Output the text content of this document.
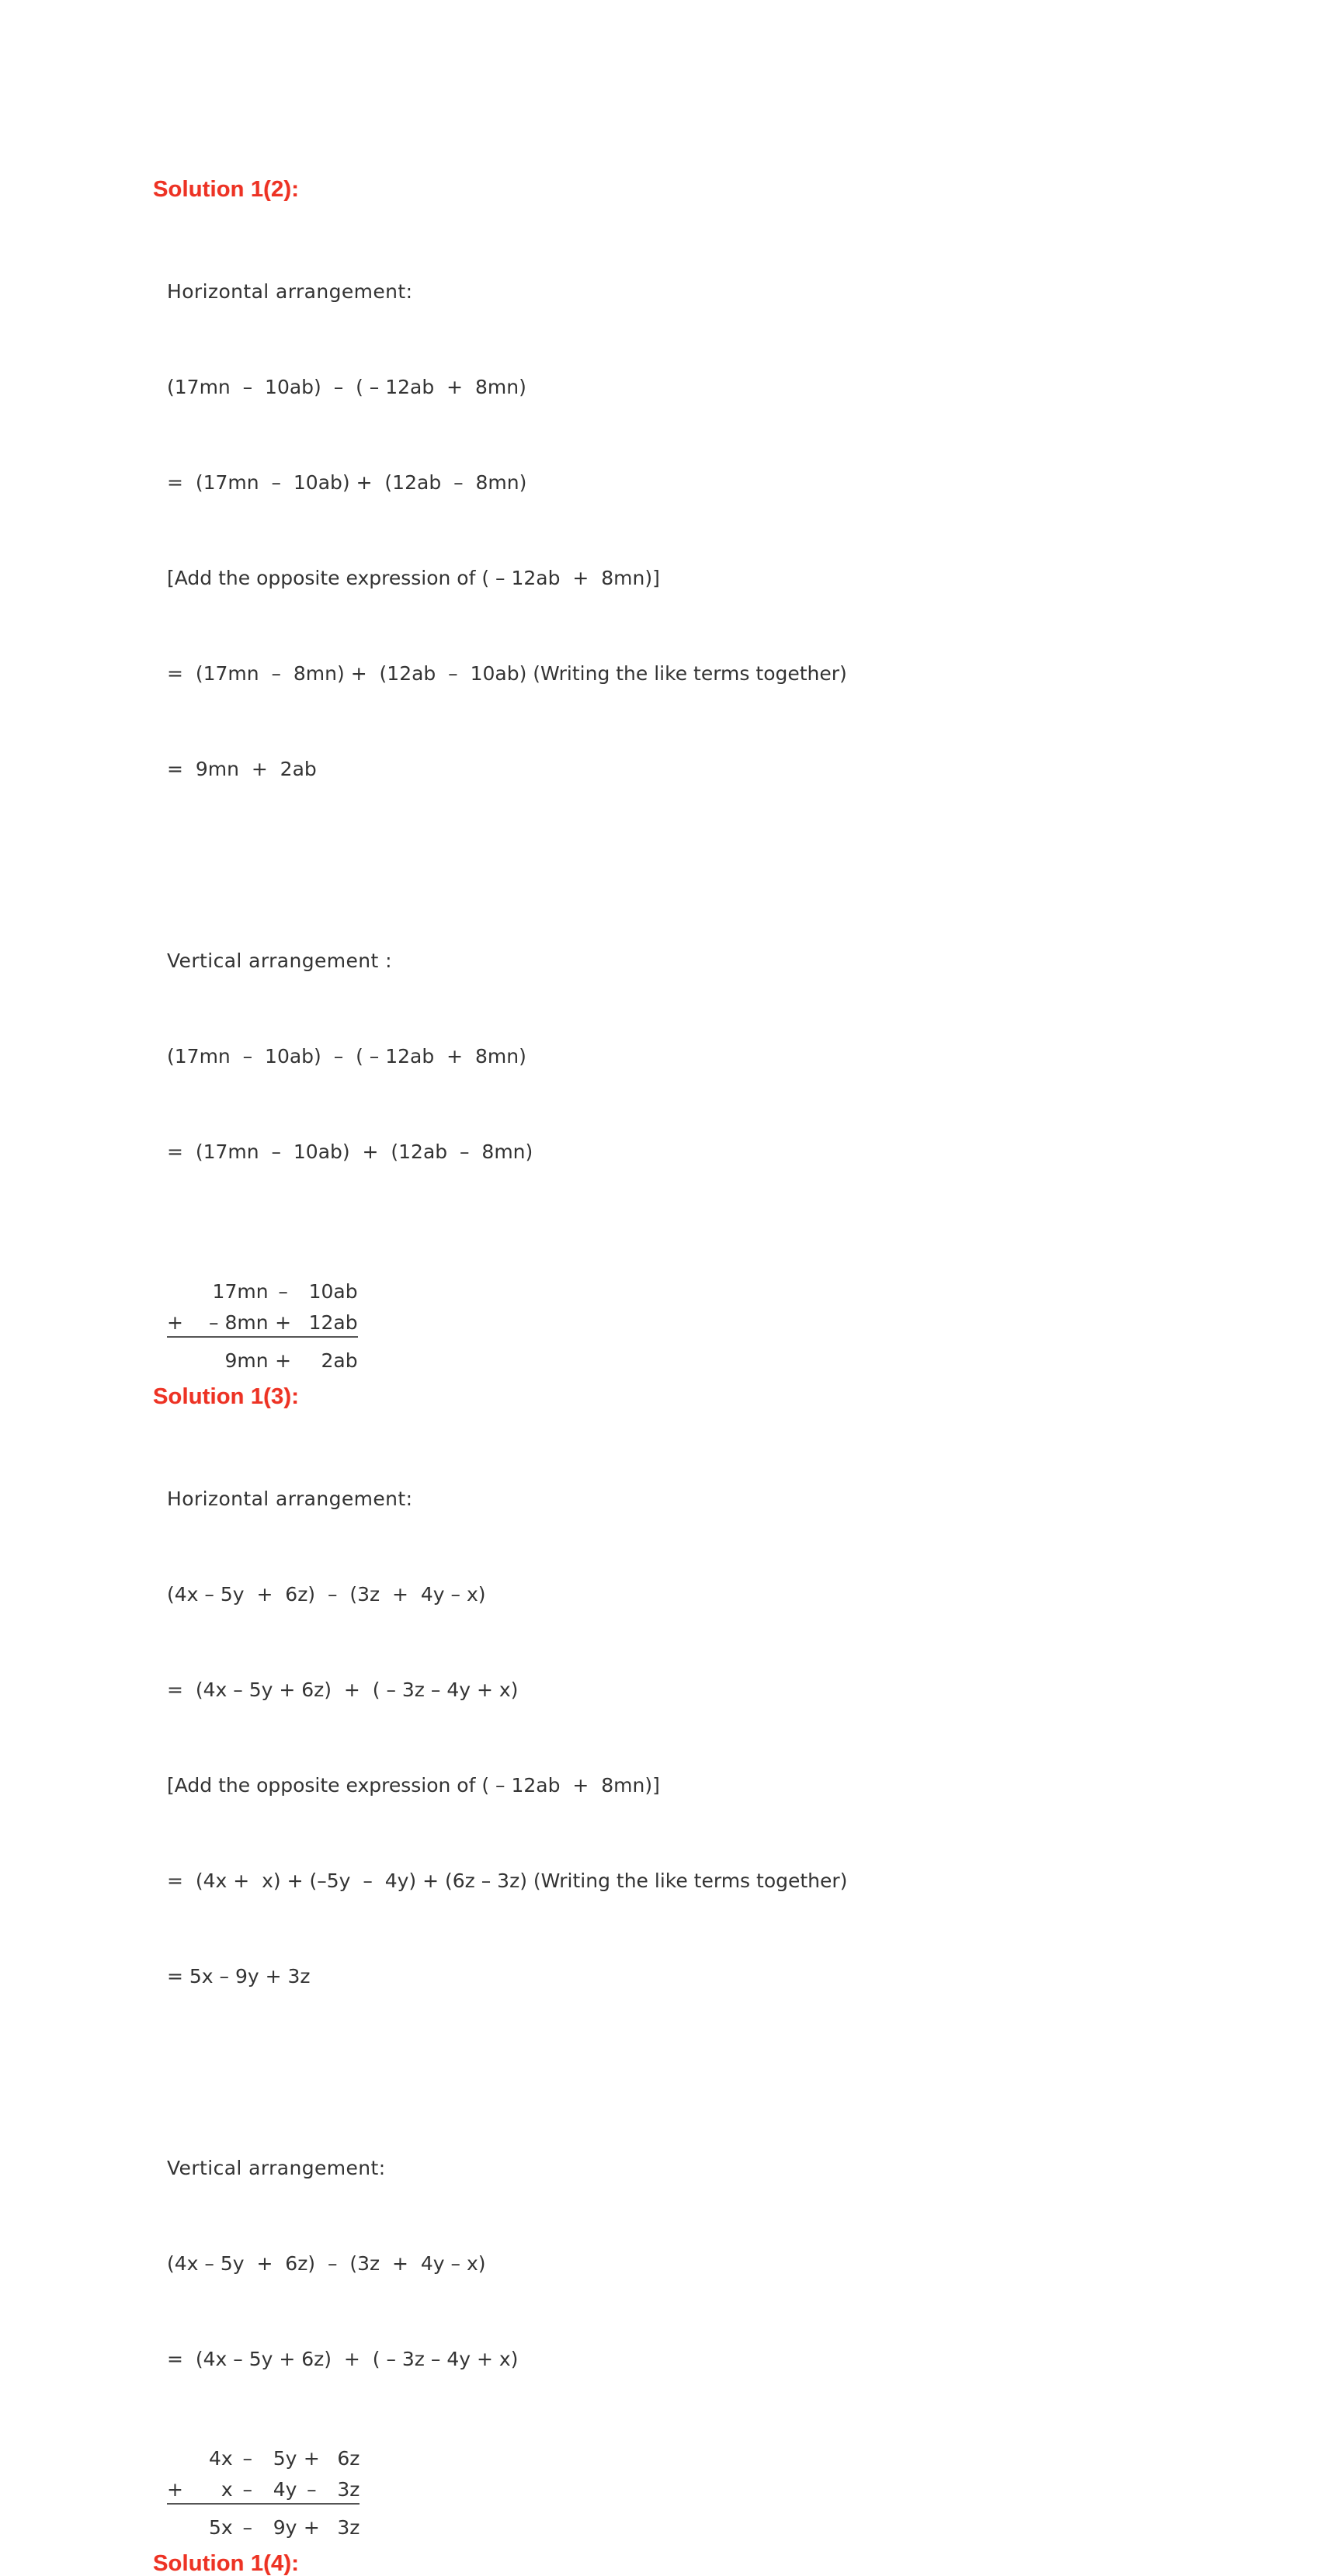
Solution 1(2):

Horizontal arrangement:

(17mn  –  10ab)  –  ( – 12ab  +  8mn)

=  (17mn  –  10ab) +  (12ab  –  8mn)

[Add the opposite expression of ( – 12ab  +  8mn)]

=  (17mn  –  8mn) +  (12ab  –  10ab) (Writing the like terms together)

=  9mn  +  2ab

Vertical arrangement :

(17mn  –  10ab)  –  ( – 12ab  +  8mn)

=  (17mn  –  10ab)  +  (12ab  –  8mn)

	17mn	–	10ab
+	– 8mn	+	12ab
	9mn	+	2ab
Solution 1(3):

Horizontal arrangement:

(4x – 5y  +  6z)  –  (3z  +  4y – x)

=  (4x – 5y + 6z)  +  ( – 3z – 4y + x)

[Add the opposite expression of ( – 12ab  +  8mn)]

=  (4x +  x) + (–5y  –  4y) + (6z – 3z) (Writing the like terms together)

= 5x – 9y + 3z

Vertical arrangement:

(4x – 5y  +  6z)  –  (3z  +  4y – x)

=  (4x – 5y + 6z)  +  ( – 3z – 4y + x)

	4x	–	5y	+	6z
+	x	–	4y	–	3z
	5x	–	9y	+	3z
Solution 1(4):
